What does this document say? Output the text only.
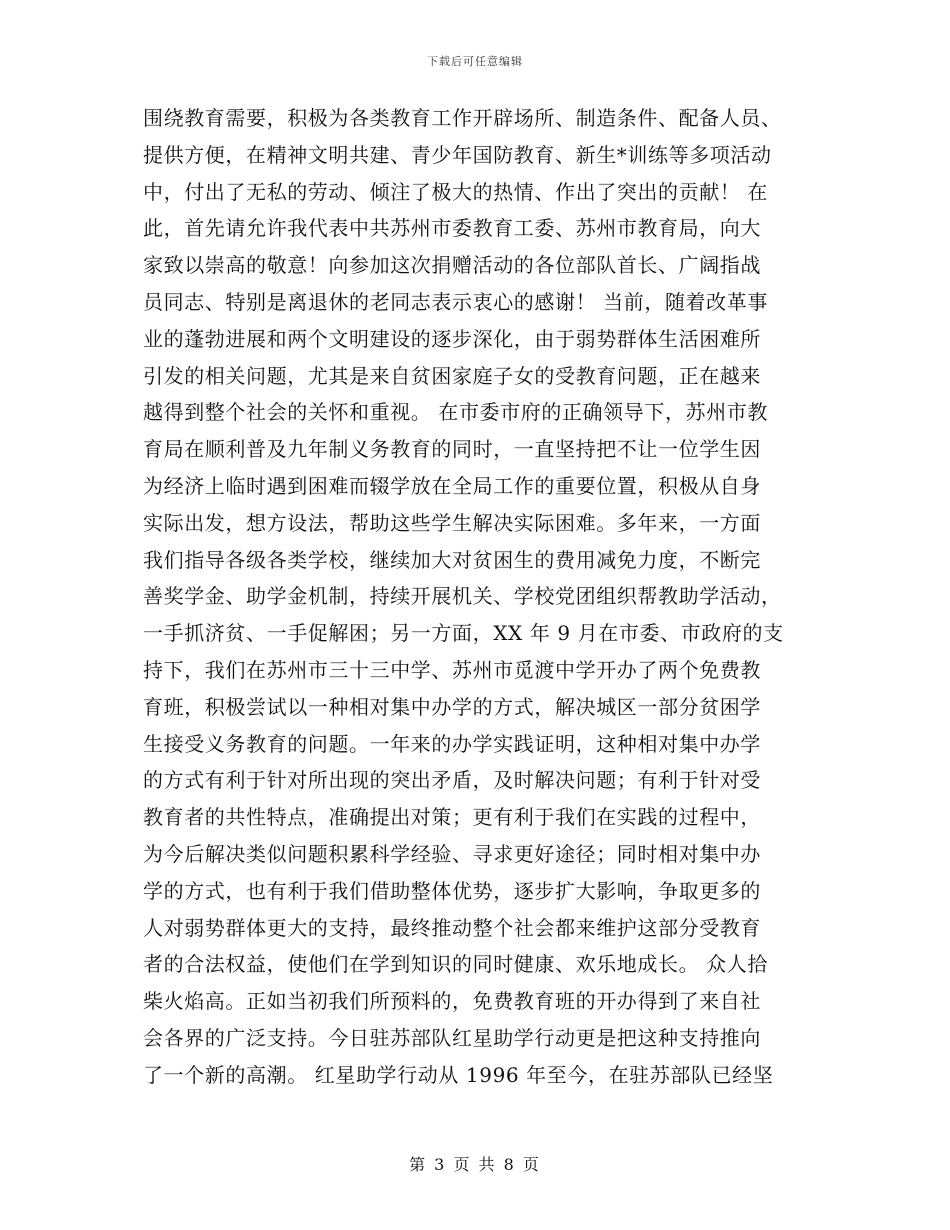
下载后可任意编辑
围绕教育需要，积极为各类教育工作开辟场所、制造条件、配备人员、
提供方便，在精神文明共建、青少年国防教育、新生*训练等多项活动
中，付出了无私的劳动、倾注了极大的热情、作出了突出的贡献！ 在
此，首先请允许我代表中共苏州市委教育工委、苏州市教育局，向大
家致以崇高的敬意！向参加这次捐赠活动的各位部队首长、广阔指战
员同志、特别是离退休的老同志表示衷心的感谢！ 当前，随着改革事
业的蓬勃进展和两个文明建设的逐步深化，由于弱势群体生活困难所
引发的相关问题，尤其是来自贫困家庭子女的受教育问题，正在越来
越得到整个社会的关怀和重视。 在市委市府的正确领导下，苏州市教
育局在顺利普及九年制义务教育的同时，一直坚持把不让一位学生因
为经济上临时遇到困难而辍学放在全局工作的重要位置，积极从自身
实际出发，想方设法，帮助这些学生解决实际困难。多年来，一方面
我们指导各级各类学校，继续加大对贫困生的费用减免力度，不断完
善奖学金、助学金机制，持续开展机关、学校党团组织帮教助学活动，
一手抓济贫、一手促解困；另一方面，XX 年 9 月在市委、市政府的支
持下，我们在苏州市三十三中学、苏州市觅渡中学开办了两个免费教
育班，积极尝试以一种相对集中办学的方式，解决城区一部分贫困学
生接受义务教育的问题。一年来的办学实践证明，这种相对集中办学
的方式有利于针对所出现的突出矛盾，及时解决问题；有利于针对受
教育者的共性特点，准确提出对策；更有利于我们在实践的过程中，
为今后解决类似问题积累科学经验、寻求更好途径；同时相对集中办
学的方式，也有利于我们借助整体优势，逐步扩大影响，争取更多的
人对弱势群体更大的支持，最终推动整个社会都来维护这部分受教育
者的合法权益，使他们在学到知识的同时健康、欢乐地成长。 众人拾
柴火焰高。正如当初我们所预料的，免费教育班的开办得到了来自社
会各界的广泛支持。今日驻苏部队红星助学行动更是把这种支持推向
了一个新的高潮。 红星助学行动从 1996 年至今，在驻苏部队已经坚
第 3 页 共 8 页
